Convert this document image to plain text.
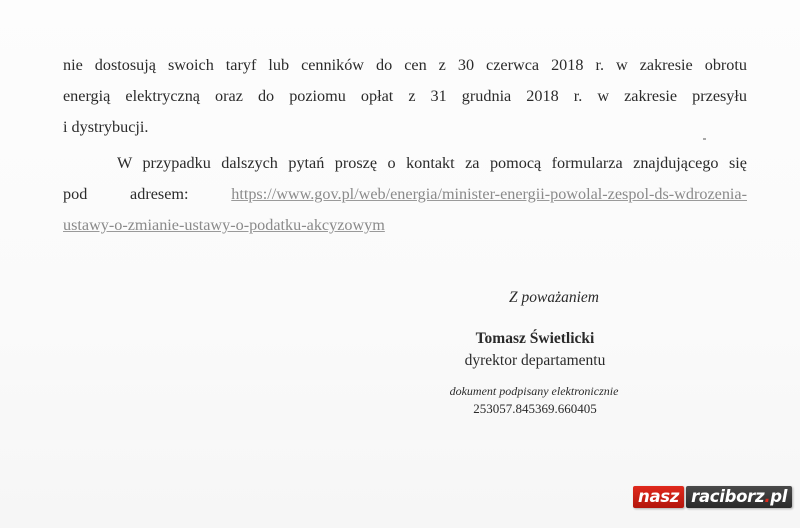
nie dostosują swoich taryf lub cenników do cen z 30 czerwca 2018 r. w zakresie obrotu
energią elektryczną oraz do poziomu opłat z 31 grudnia 2018 r. w zakresie przesyłu
i dystrybucji.
W przypadku dalszych pytań proszę o kontakt za pomocą formularza znajdującego się
pod adresem: https://www.gov.pl/web/energia/minister-energii-powolal-zespol-ds-wdrozenia-
ustawy-o-zmianie-ustawy-o-podatku-akcyzowym
Z poważaniem
Tomasz Świetlicki
dyrektor departamentu
dokument podpisany elektronicznie
253057.845369.660405
nasz raciborz.pl
